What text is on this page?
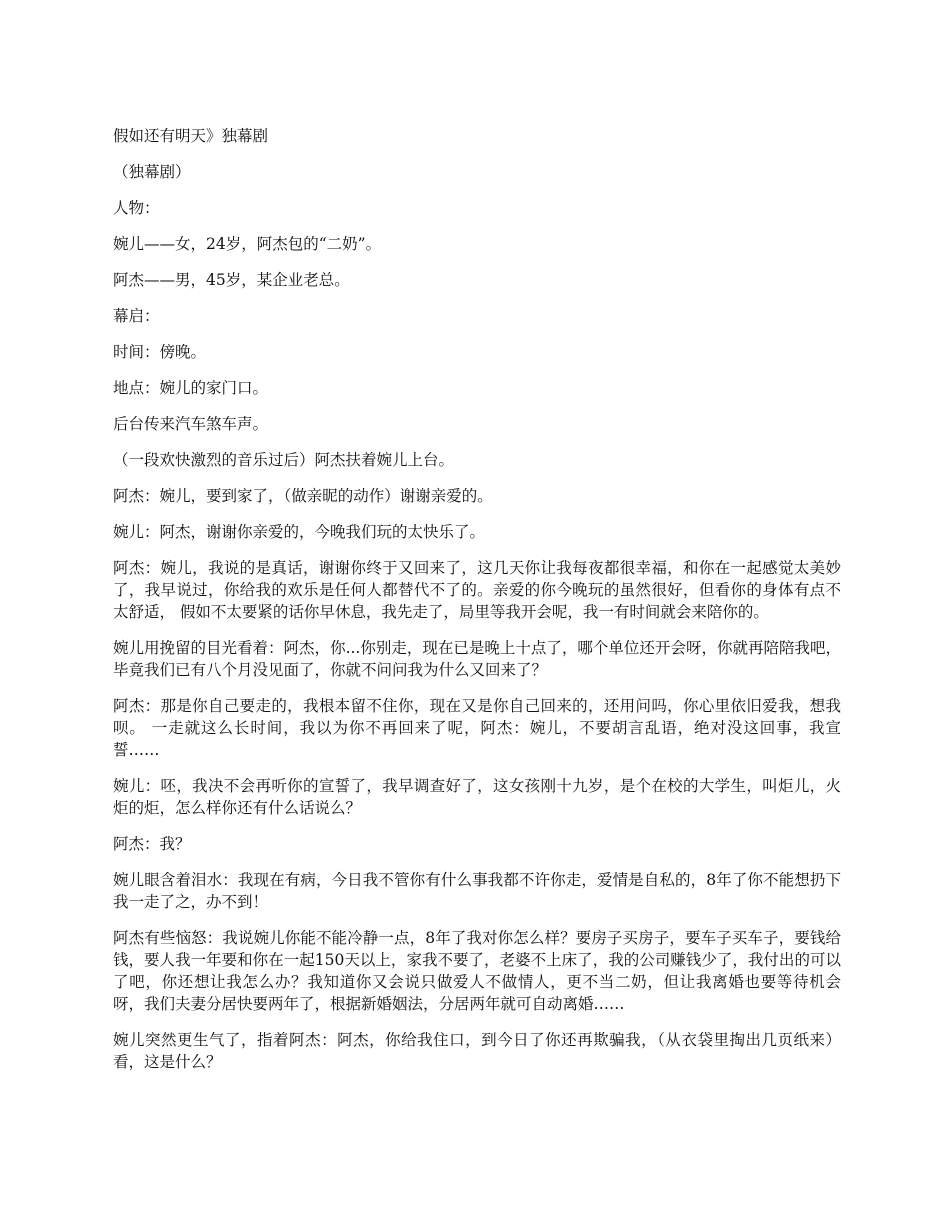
假如还有明天》独幕剧

（独幕剧）

人物：

婉儿——女，24岁，阿杰包的“二奶”。

阿杰——男，45岁，某企业老总。

幕启：

时间：傍晚。

地点：婉儿的家门口。

后台传来汽车煞车声。

（一段欢快激烈的音乐过后）阿杰扶着婉儿上台。

阿杰：婉儿，要到家了，（做亲昵的动作）谢谢亲爱的。

婉儿：阿杰，谢谢你亲爱的，今晚我们玩的太快乐了。

阿杰：婉儿，我说的是真话，谢谢你终于又回来了，这几天你让我每夜都很幸福，和你在一起感觉太美妙了，我早说过，你给我的欢乐是任何人都替代不了的。亲爱的你今晚玩的虽然很好，但看你的身体有点不太舒适， 假如不太要紧的话你早休息，我先走了，局里等我开会呢，我一有时间就会来陪你的。

婉儿用挽留的目光看着：阿杰，你...你别走，现在已是晚上十点了，哪个单位还开会呀，你就再陪陪我吧，毕竟我们已有八个月没见面了，你就不问问我为什么又回来了？

阿杰：那是你自己要走的，我根本留不住你，现在又是你自己回来的，还用问吗，你心里依旧爱我，想我呗。 一走就这么长时间，我以为你不再回来了呢，阿杰：婉儿，不要胡言乱语，绝对没这回事，我宣誓……

婉儿：呸，我决不会再听你的宣誓了，我早调查好了，这女孩刚十九岁，是个在校的大学生，叫炬儿，火炬的炬，怎么样你还有什么话说么？

阿杰：我？

婉儿眼含着泪水：我现在有病，今日我不管你有什么事我都不许你走，爱情是自私的，8年了你不能想扔下我一走了之，办不到！

阿杰有些恼怒：我说婉儿你能不能冷静一点，8年了我对你怎么样？要房子买房子，要车子买车子，要钱给钱，要人我一年要和你在一起150天以上，家我不要了，老婆不上床了，我的公司赚钱少了，我付出的可以了吧，你还想让我怎么办？我知道你又会说只做爱人不做情人，更不当二奶，但让我离婚也要等待机会呀，我们夫妻分居快要两年了，根据新婚姻法，分居两年就可自动离婚……

婉儿突然更生气了，指着阿杰：阿杰，你给我住口，到今日了你还再欺骗我，（从衣袋里掏出几页纸来）看，这是什么？
